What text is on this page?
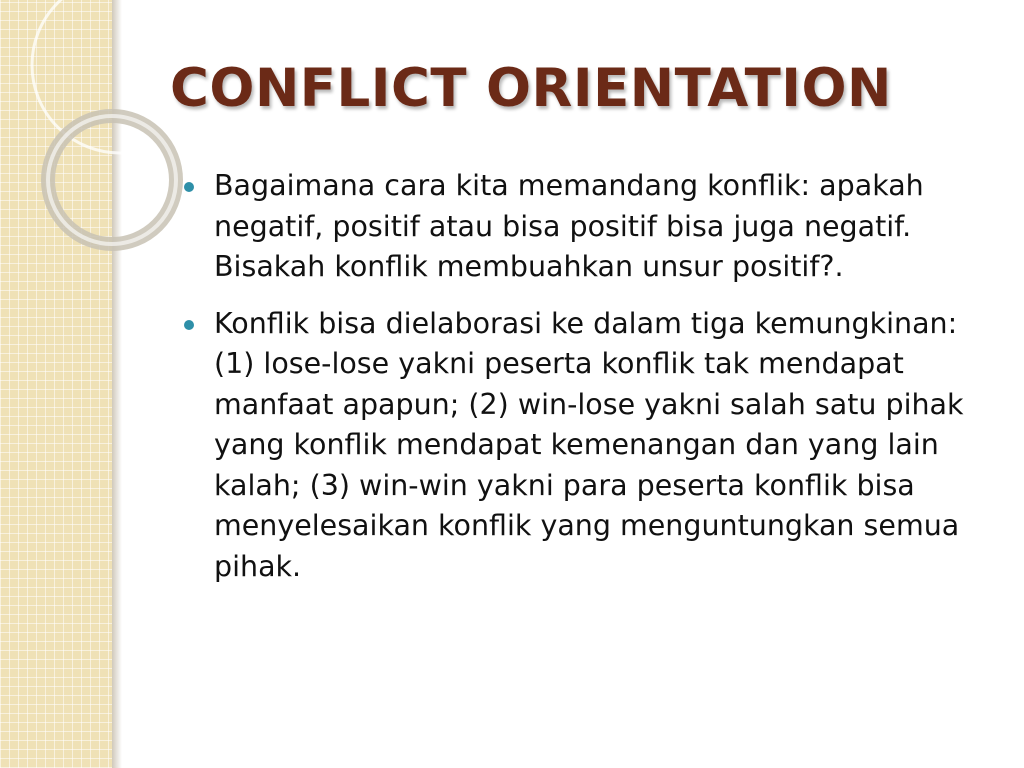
CONFLICT ORIENTATION
Bagaimana cara kita memandang konflik: apakah negatif, positif atau bisa positif bisa juga negatif. Bisakah konflik membuahkan unsur positif?.
Konflik bisa dielaborasi ke dalam tiga kemungkinan: (1) lose-lose yakni peserta konflik tak mendapat manfaat apapun; (2) win-lose yakni salah satu pihak yang konflik mendapat kemenangan dan yang lain kalah; (3) win-win yakni para peserta konflik bisa menyelesaikan konflik yang menguntungkan semua pihak.
